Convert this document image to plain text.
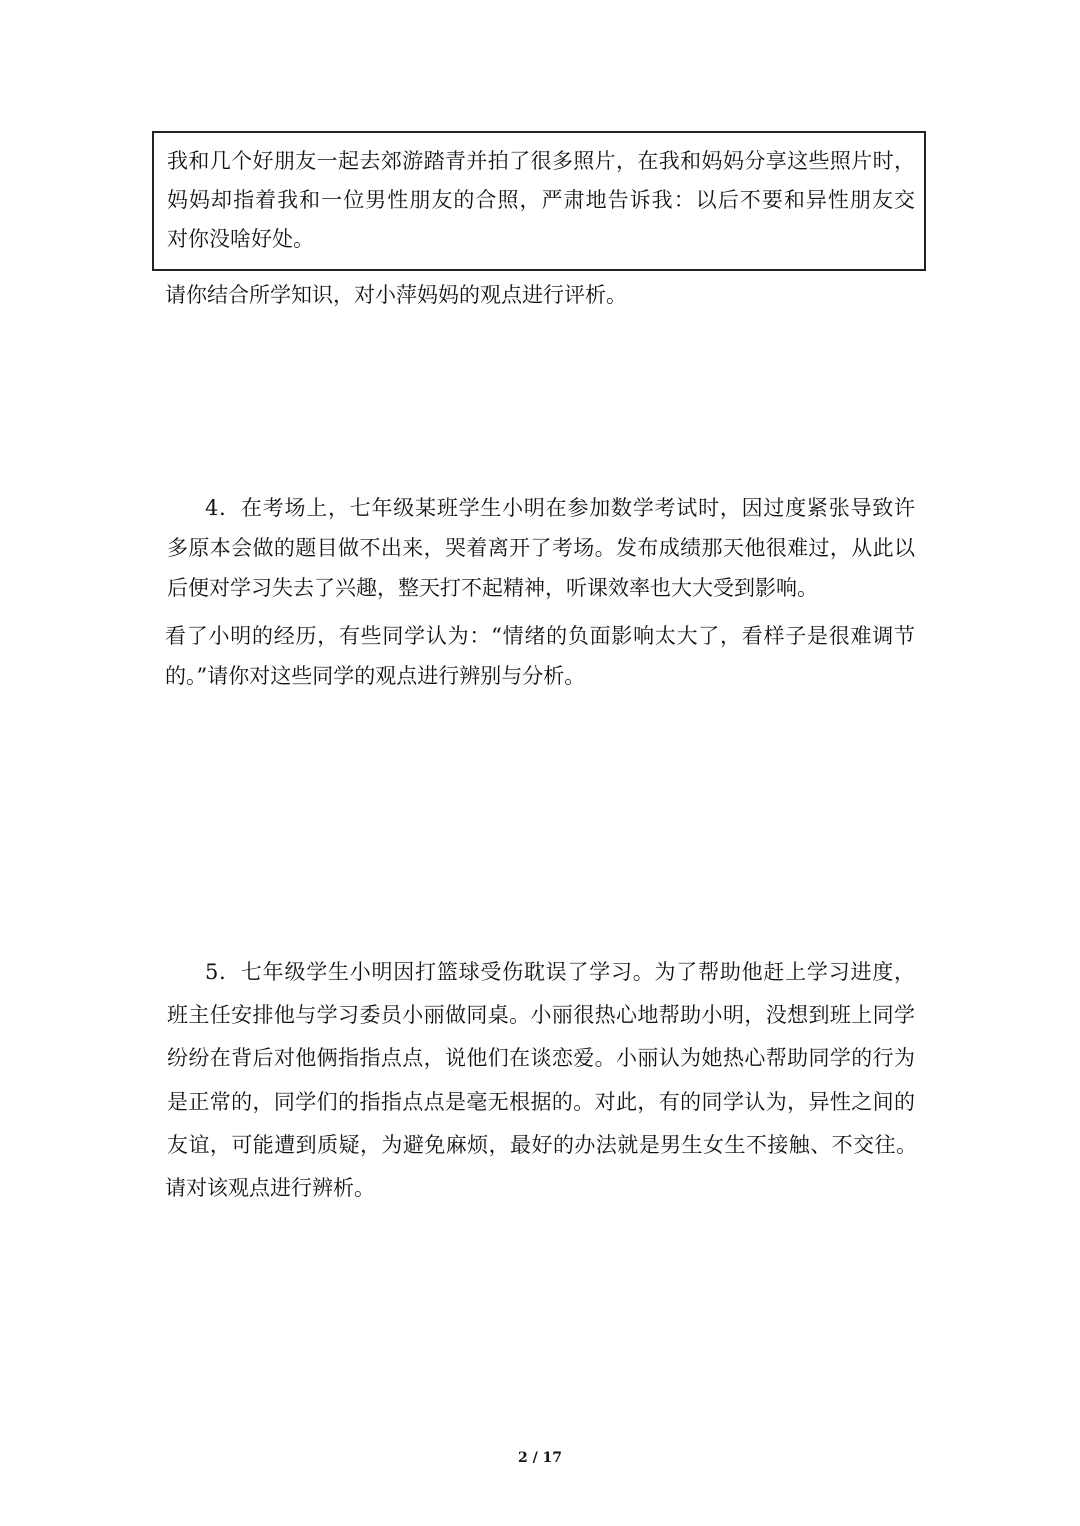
我和几个好朋友一起去郊游踏青并拍了很多照片，在我和妈妈分享这些照片时，
妈妈却指着我和一位男性朋友的合照，严肃地告诉我：以后不要和异性朋友交
对你没啥好处。
请你结合所学知识，对小萍妈妈的观点进行评析。
4．在考场上，七年级某班学生小明在参加数学考试时，因过度紧张导致许
多原本会做的题目做不出来，哭着离开了考场。发布成绩那天他很难过，从此以
后便对学习失去了兴趣，整天打不起精神，听课效率也大大受到影响。
看了小明的经历，有些同学认为：“情绪的负面影响太大了，看样子是很难调节
的。”请你对这些同学的观点进行辨别与分析。
5．七年级学生小明因打篮球受伤耽误了学习。为了帮助他赶上学习进度，
班主任安排他与学习委员小丽做同桌。小丽很热心地帮助小明，没想到班上同学
纷纷在背后对他俩指指点点，说他们在谈恋爱。小丽认为她热心帮助同学的行为
是正常的，同学们的指指点点是毫无根据的。对此，有的同学认为，异性之间的
友谊，可能遭到质疑，为避免麻烦，最好的办法就是男生女生不接触、不交往。
请对该观点进行辨析。
2 / 17
